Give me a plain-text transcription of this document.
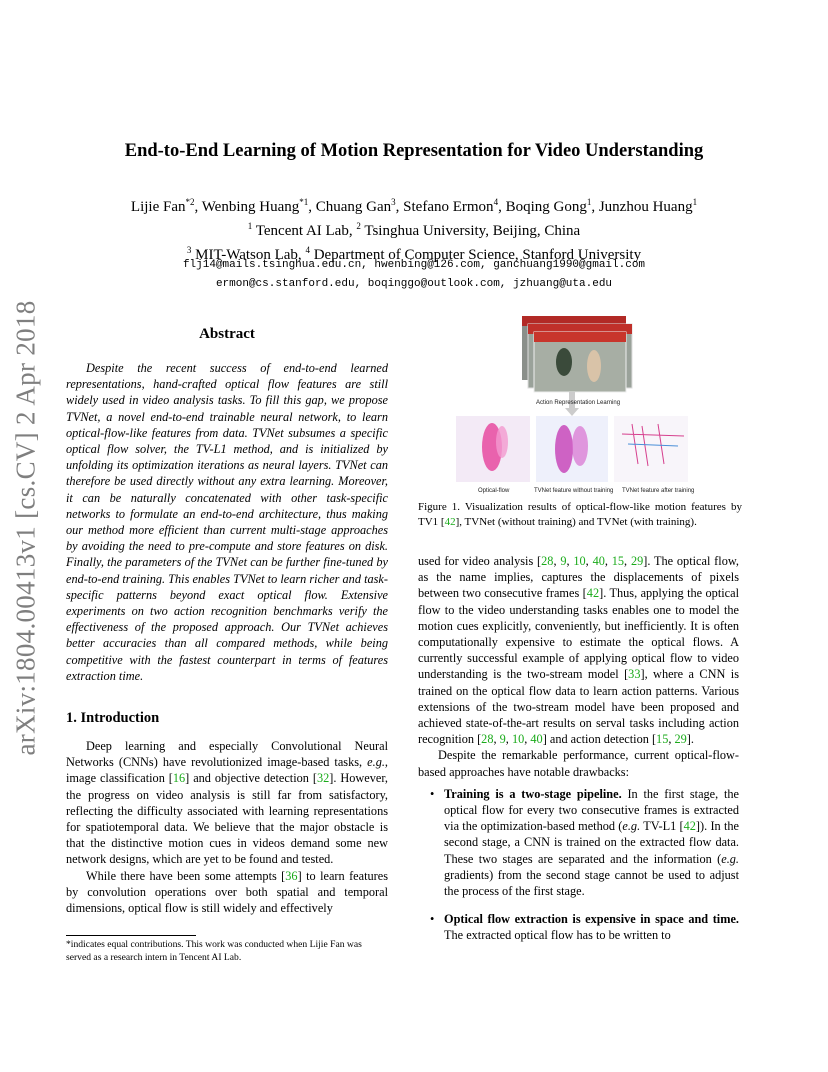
arXiv:1804.00413v1 [cs.CV] 2 Apr 2018
End-to-End Learning of Motion Representation for Video Understanding
Lijie Fan$^{*2}$, Wenbing Huang$^{*1}$, Chuang Gan$^3$, Stefano Ermon$^4$, Boqing Gong$^1$, Junzhou Huang$^1$
$^1$ Tencent AI Lab, $^2$ Tsinghua University, Beijing, China
$^3$ MIT-Watson Lab, $^4$ Department of Computer Science, Stanford University
flj14@mails.tsinghua.edu.cn, hwenbing@126.com, ganchuang1990@gmail.com
ermon@cs.stanford.edu, boqinggo@outlook.com, jzhuang@uta.edu
Abstract

Despite the recent success of end-to-end learned representations, hand-crafted optical flow features are still widely used in video analysis tasks. To fill this gap, we propose TVNet, a novel end-to-end trainable neural network, to learn optical-flow-like features from data. TVNet subsumes a specific optical flow solver, the TV-L1 method, and is initialized by unfolding its optimization iterations as neural layers. TVNet can therefore be used directly without any extra learning. Moreover, it can be naturally concatenated with other task-specific networks to formulate an end-to-end architecture, thus making our method more efficient than current multi-stage approaches by avoiding the need to pre-compute and store features on disk. Finally, the parameters of the TVNet can be further fine-tuned by end-to-end training. This enables TVNet to learn richer and task-specific patterns beyond exact optical flow. Extensive experiments on two action recognition benchmarks verify the effectiveness of the proposed approach. Our TVNet achieves better accuracies than all compared methods, while being competitive with the fastest counterpart in terms of features extraction time.

1. Introduction

Deep learning and especially Convolutional Neural Networks (CNNs) have revolutionized image-based tasks, e.g., image classification [16] and objective detection [32]. However, the progress on video analysis is still far from satisfactory, reflecting the difficulty associated with learning representations for spatiotemporal data. We believe that the major obstacle is that the distinctive motion cues in videos demand some new network designs, which are yet to be found and tested.

While there have been some attempts [36] to learn features by convolution operations over both spatial and temporal dimensions, optical flow is still widely and effectively

*indicates equal contributions. This work was conducted when Lijie Fan was served as a research intern in Tencent AI Lab.
Action Representation Learning
Optical-flow	TVNet feature without training TVNet feature after training
Figure 1. Visualization results of optical-flow-like motion features by TV1 [42], TVNet (without training) and TVNet (with training).

used for video analysis [28, 9, 10, 40, 15, 29]. The optical flow, as the name implies, captures the displacements of pixels between two consecutive frames [42]. Thus, applying the optical flow to the video understanding tasks enables one to model the motion cues explicitly, conveniently, but inefficiently. It is often computationally expensive to estimate the optical flows. A currently successful example of applying optical flow to video understanding is the two-stream model [33], where a CNN is trained on the optical flow data to learn action patterns. Various extensions of the two-stream model have been proposed and achieved state-of-the-art results on serval tasks including action recognition [28, 9, 10, 40] and action detection [15, 29].

Despite the remarkable performance, current optical-flow-based approaches have notable drawbacks:

• Training is a two-stage pipeline. In the first stage, the optical flow for every two consecutive frames is extracted via the optimization-based method (e.g. TV-L1 [42]). In the second stage, a CNN is trained on the extracted flow data. These two stages are separated and the information (e.g. gradients) from the second stage cannot be used to adjust the process of the first stage.
• Optical flow extraction is expensive in space and time. The extracted optical flow has to be written to
